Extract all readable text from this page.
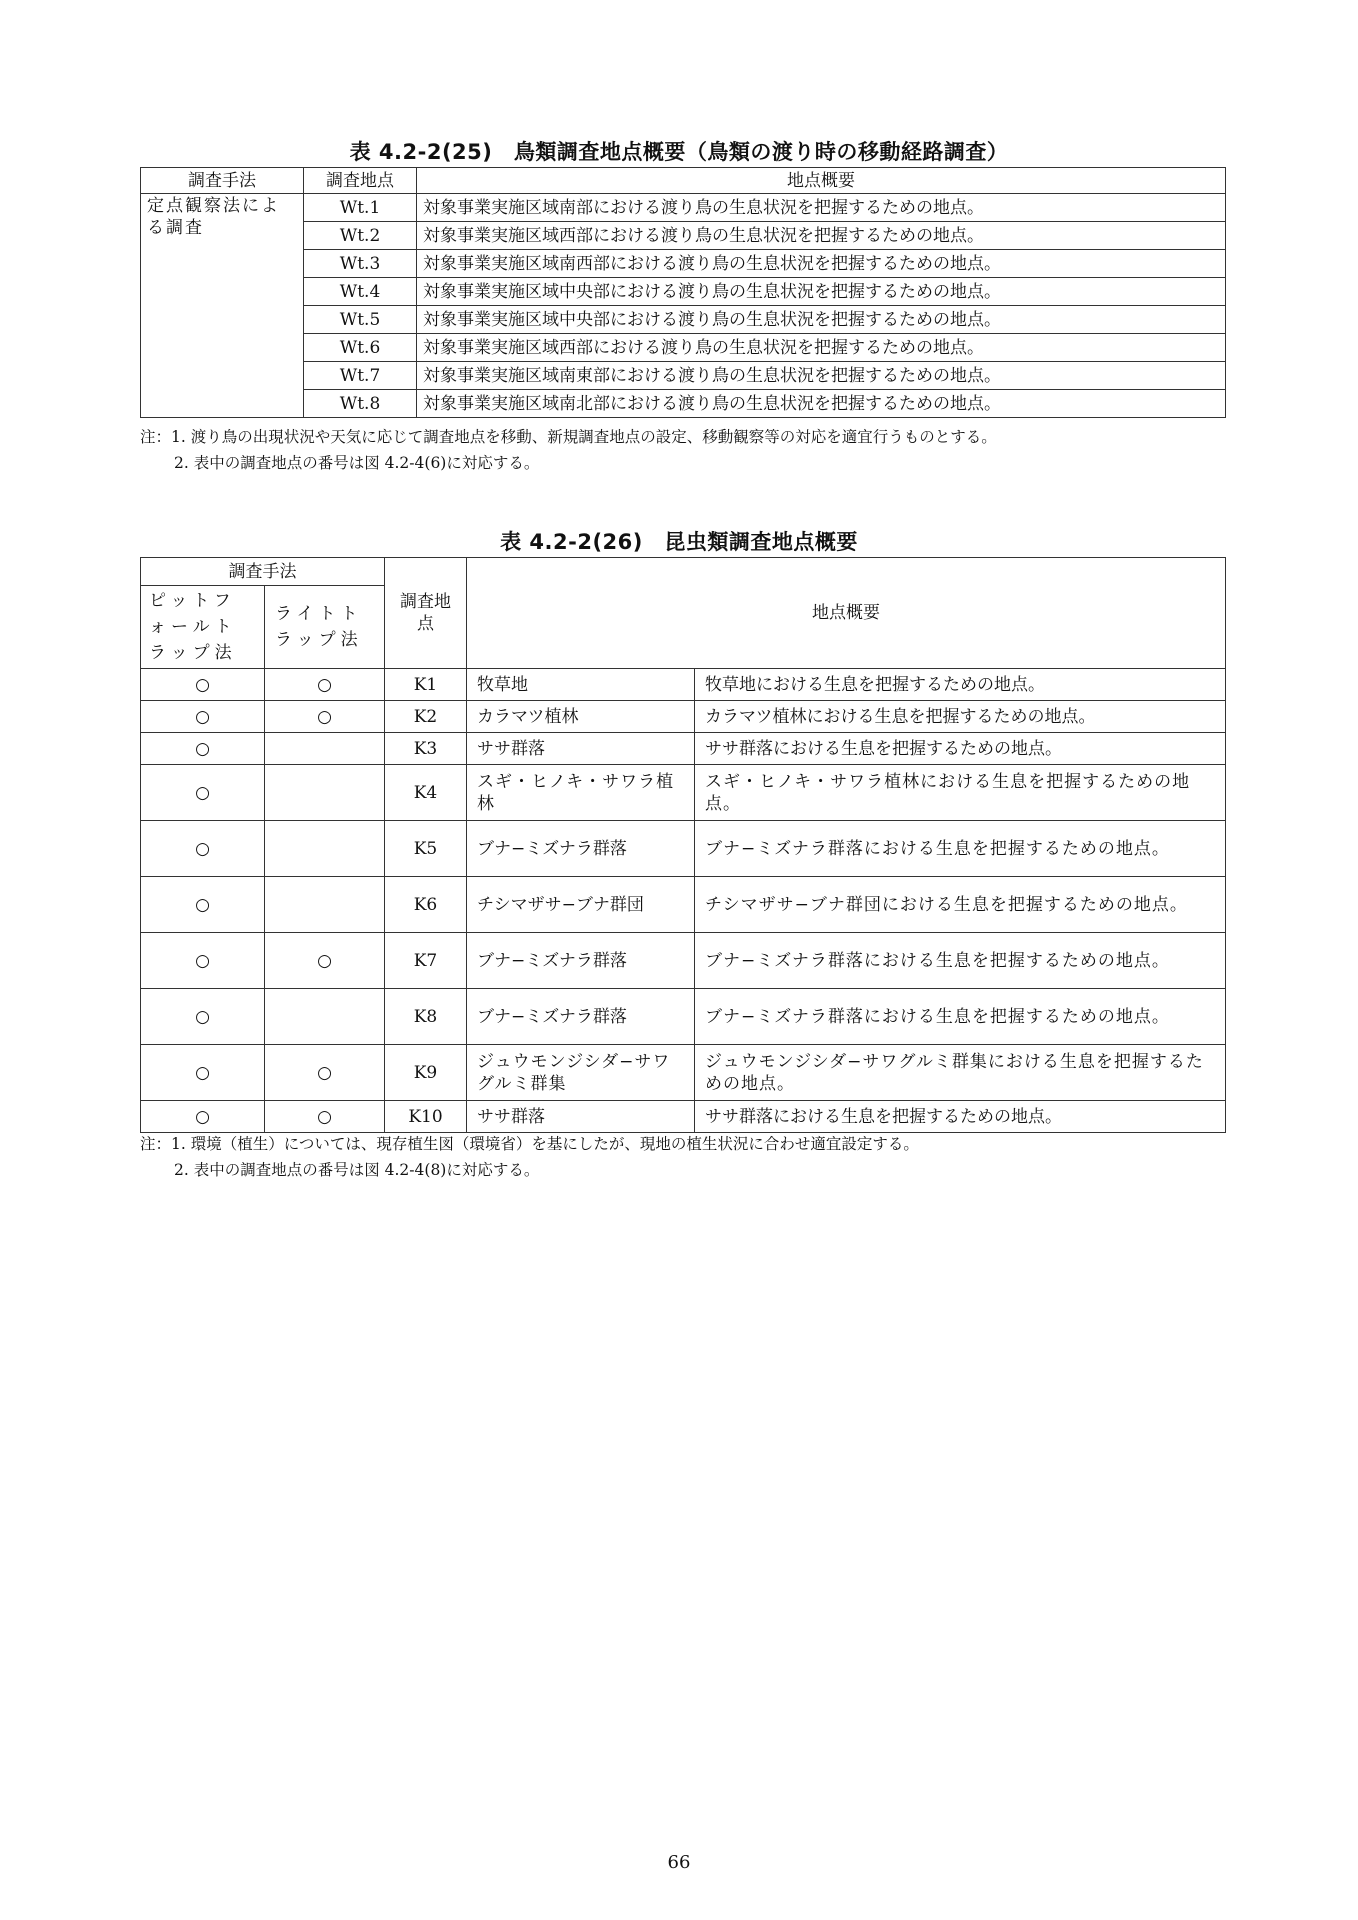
表 4.2-2(25)　鳥類調査地点概要（鳥類の渡り時の移動経路調査）
調査手法	調査地点	地点概要
定点観察法による調査	Wt.1	対象事業実施区域南部における渡り鳥の生息状況を把握するための地点。
	Wt.2	対象事業実施区域西部における渡り鳥の生息状況を把握するための地点。
	Wt.3	対象事業実施区域南西部における渡り鳥の生息状況を把握するための地点。
	Wt.4	対象事業実施区域中央部における渡り鳥の生息状況を把握するための地点。
	Wt.5	対象事業実施区域中央部における渡り鳥の生息状況を把握するための地点。
	Wt.6	対象事業実施区域西部における渡り鳥の生息状況を把握するための地点。
	Wt.7	対象事業実施区域南東部における渡り鳥の生息状況を把握するための地点。
	Wt.8	対象事業実施区域南北部における渡り鳥の生息状況を把握するための地点。
注：1. 渡り鳥の出現状況や天気に応じて調査地点を移動、新規調査地点の設定、移動観察等の対応を適宜行うものとする。
2. 表中の調査地点の番号は図 4.2-4(6)に対応する。
表 4.2-2(26)　昆虫類調査地点概要
調査手法		調査地点	地点概要	
ピットフォールトラップ法	ライトトラップ法			
○	○	K1	牧草地	牧草地における生息を把握するための地点。
○	○	K2	カラマツ植林	カラマツ植林における生息を把握するための地点。
○		K3	ササ群落	ササ群落における生息を把握するための地点。
○		K4	スギ・ヒノキ・サワラ植林	スギ・ヒノキ・サワラ植林における生息を把握するための地点。
○		K5	ブナ−ミズナラ群落	ブナ−ミズナラ群落における生息を把握するための地点。
○		K6	チシマザサ−ブナ群団	チシマザサ−ブナ群団における生息を把握するための地点。
○	○	K7	ブナ−ミズナラ群落	ブナ−ミズナラ群落における生息を把握するための地点。
○		K8	ブナ−ミズナラ群落	ブナ−ミズナラ群落における生息を把握するための地点。
○	○	K9	ジュウモンジシダ−サワグルミ群集	ジュウモンジシダ−サワグルミ群集における生息を把握するための地点。
○	○	K10	ササ群落	ササ群落における生息を把握するための地点。
注：1. 環境（植生）については、現存植生図（環境省）を基にしたが、現地の植生状況に合わせ適宜設定する。
2. 表中の調査地点の番号は図 4.2-4(8)に対応する。
66
